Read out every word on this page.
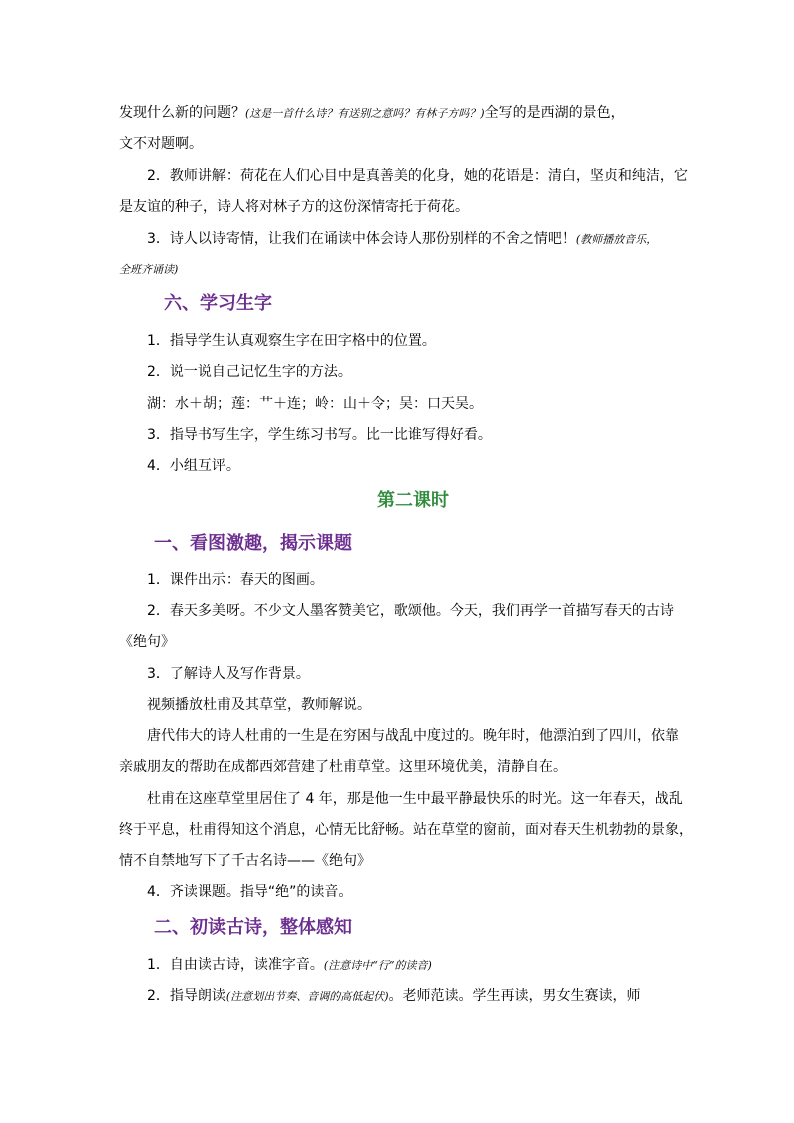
发现什么新的问题？(这是一首什么诗？有送别之意吗？有林子方吗？)全写的是西湖的景色，
文不对题啊。
2．教师讲解：荷花在人们心目中是真善美的化身，她的花语是：清白，坚贞和纯洁，它
是友谊的种子，诗人将对林子方的这份深情寄托于荷花。
3．诗人以诗寄情，让我们在诵读中体会诗人那份别样的不舍之情吧！(教师播放音乐，
全班齐诵读)
六、学习生字
1．指导学生认真观察生字在田字格中的位置。
2．说一说自己记忆生字的方法。
湖：水＋胡；莲：艹＋连；岭：山＋令；吴：口天吴。
3．指导书写生字，学生练习书写。比一比谁写得好看。
4．小组互评。
第二课时
一、看图激趣，揭示课题
1．课件出示：春天的图画。
2．春天多美呀。不少文人墨客赞美它，歌颂他。今天，我们再学一首描写春天的古诗
《绝句》
3．了解诗人及写作背景。
视频播放杜甫及其草堂，教师解说。
唐代伟大的诗人杜甫的一生是在穷困与战乱中度过的。晚年时，他漂泊到了四川，依靠
亲戚朋友的帮助在成都西郊营建了杜甫草堂。这里环境优美，清静自在。
杜甫在这座草堂里居住了 4 年，那是他一生中最平静最快乐的时光。这一年春天，战乱
终于平息，杜甫得知这个消息，心情无比舒畅。站在草堂的窗前，面对春天生机勃勃的景象，
情不自禁地写下了千古名诗——《绝句》
4．齐读课题。指导“绝”的读音。
二、初读古诗，整体感知
1．自由读古诗，读准字音。(注意诗中“行”的读音)
2．指导朗读(注意划出节奏、音调的高低起伏)。老师范读。学生再读，男女生赛读，师
